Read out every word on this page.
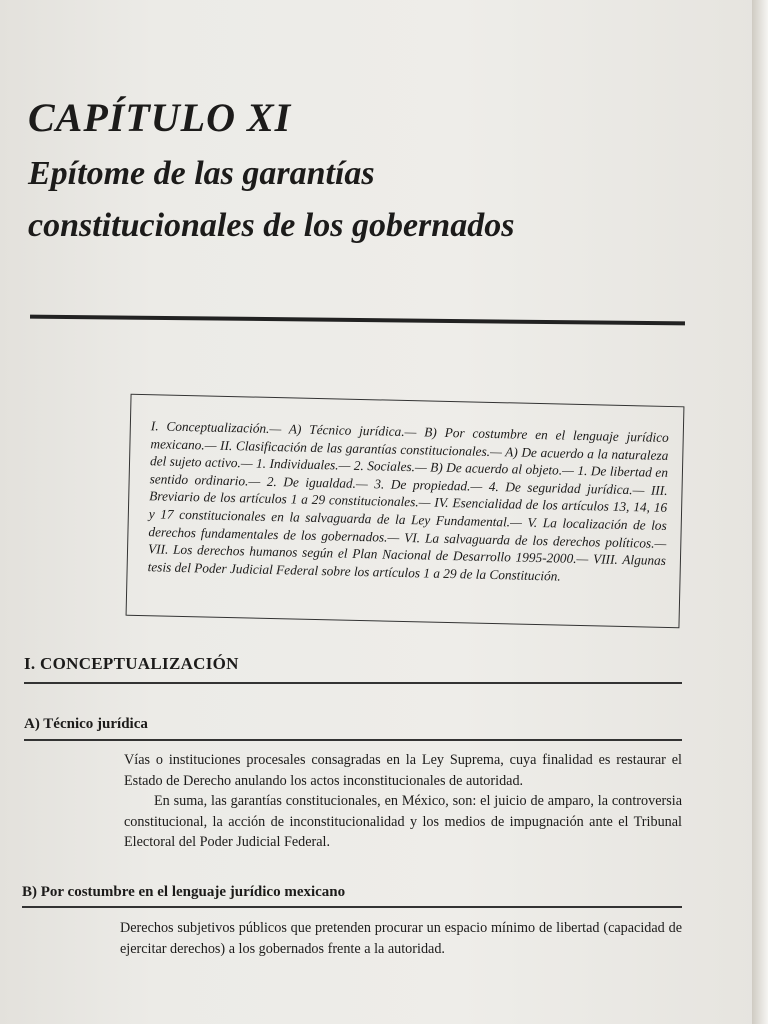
CAPÍTULO XI
Epítome de las garantías constitucionales de los gobernados

I. Conceptualización.— A) Técnico jurídica.— B) Por costumbre en el lenguaje jurídico mexicano.— II. Clasificación de las garantías constitucionales.— A) De acuerdo a la naturaleza del sujeto activo.— 1. Individuales.— 2. Sociales.— B) De acuerdo al objeto.— 1. De libertad en sentido ordinario.— 2. De igualdad.— 3. De propiedad.— 4. De seguridad jurídica.— III. Breviario de los artículos 1 a 29 constitucionales.— IV. Esencialidad de los artículos 13, 14, 16 y 17 constitucionales en la salvaguarda de la Ley Fundamental.— V. La localización de los derechos fundamentales de los gobernados.— VI. La salvaguarda de los derechos políticos.— VII. Los derechos humanos según el Plan Nacional de Desarrollo 1995-2000.— VIII. Algunas tesis del Poder Judicial Federal sobre los artículos 1 a 29 de la Constitución.

I. CONCEPTUALIZACIÓN
A) Técnico jurídica

Vías o instituciones procesales consagradas en la Ley Suprema, cuya finalidad es restaurar el Estado de Derecho anulando los actos inconstitucionales de autoridad.

En suma, las garantías constitucionales, en México, son: el juicio de amparo, la controversia constitucional, la acción de inconstitucionalidad y los medios de impugnación ante el Tribunal Electoral del Poder Judicial Federal.

B) Por costumbre en el lenguaje jurídico mexicano

Derechos subjetivos públicos que pretenden procurar un espacio mínimo de libertad (capacidad de ejercitar derechos) a los gobernados frente a la autoridad.
